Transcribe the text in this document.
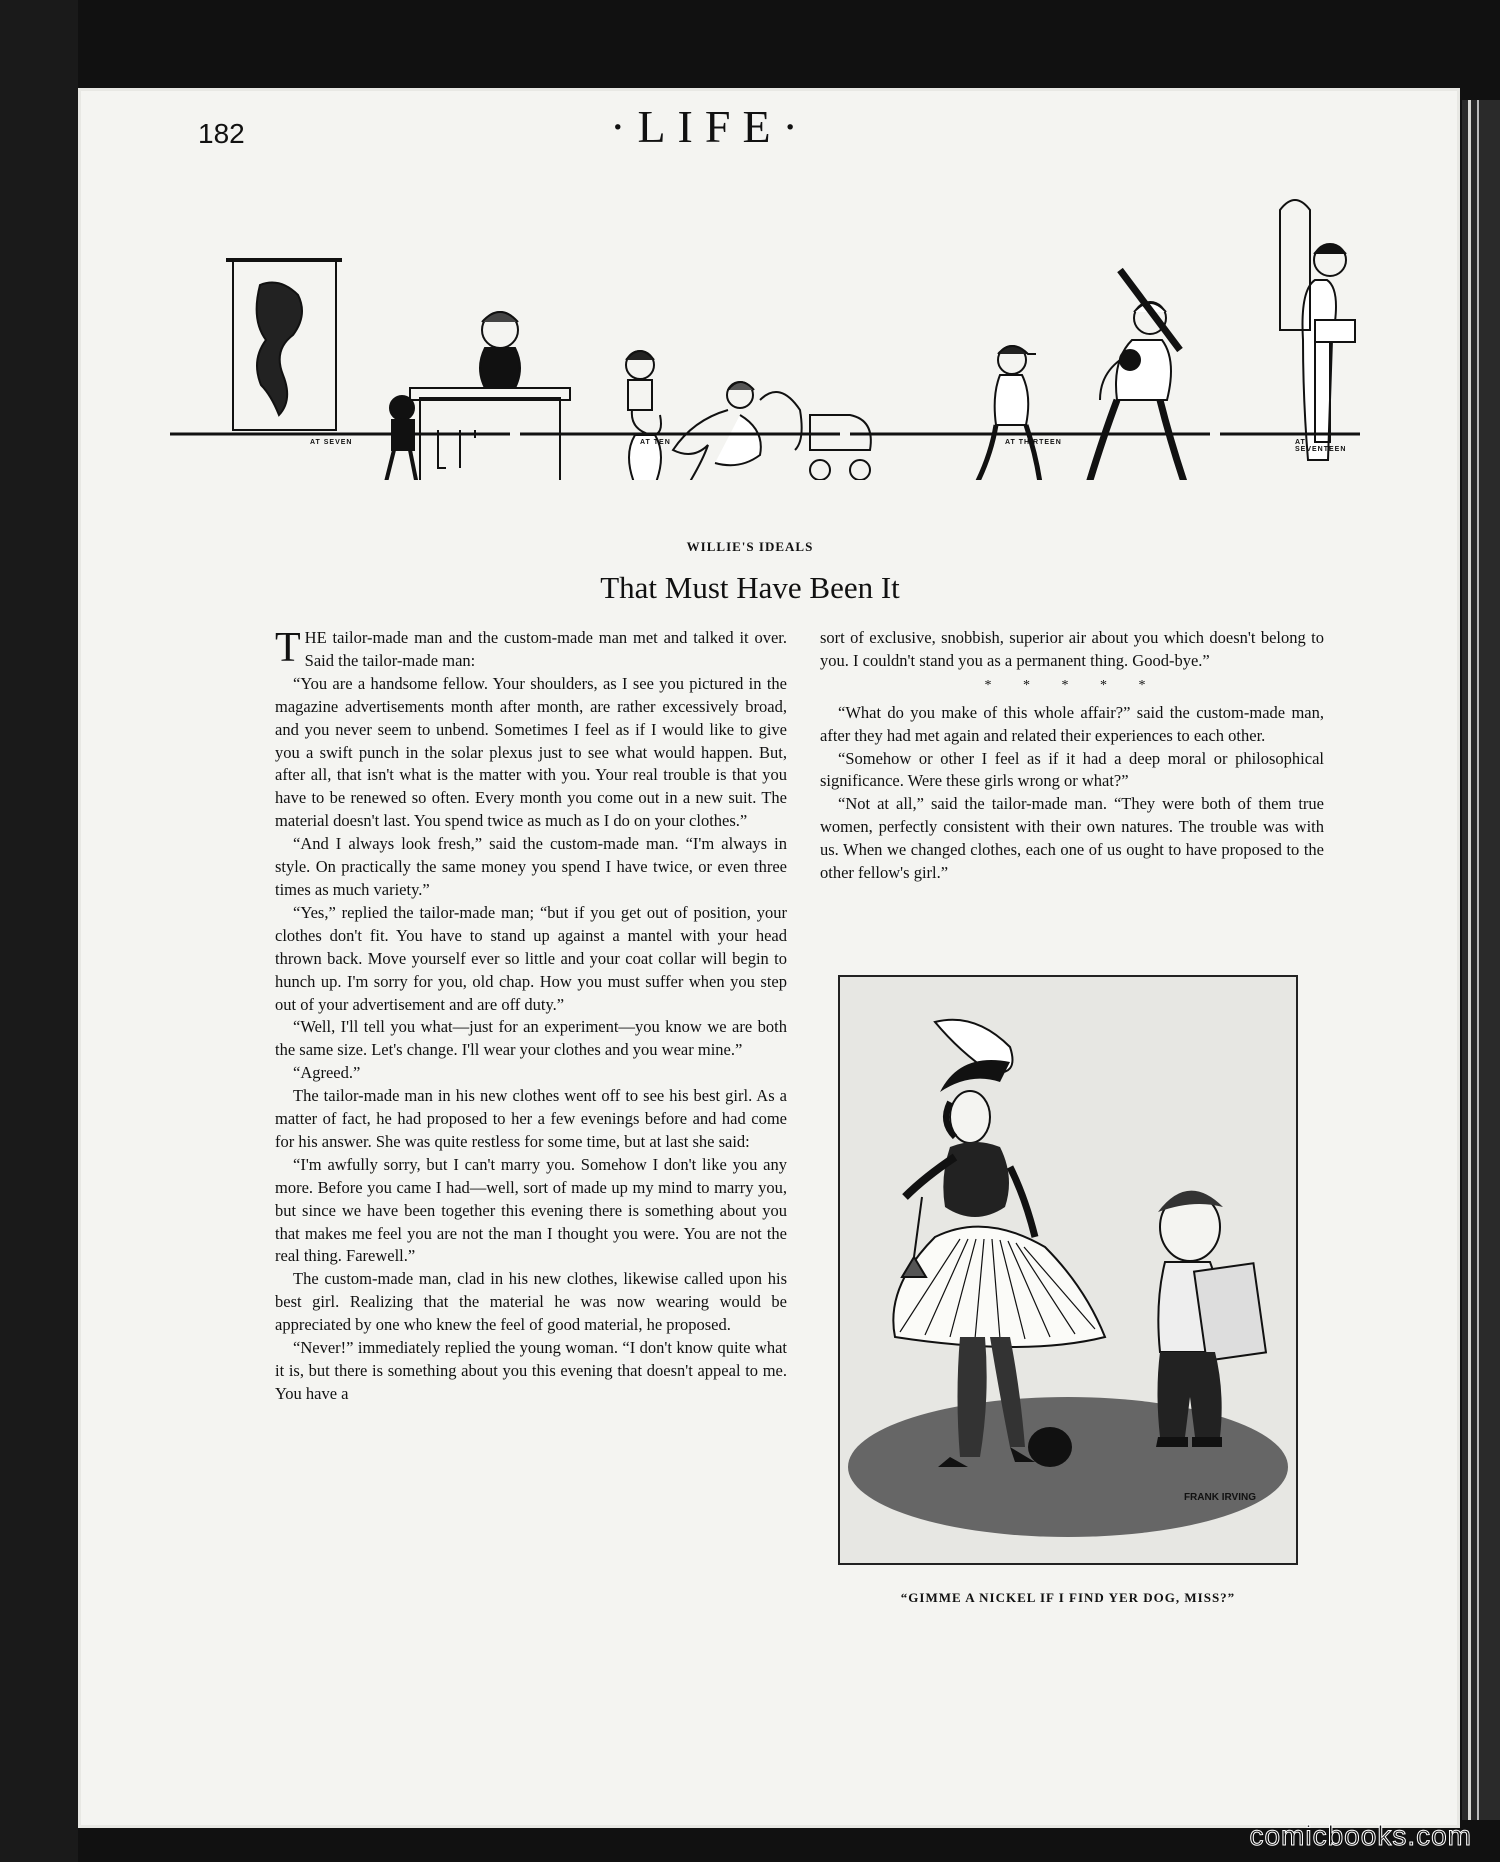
182	·LIFE·
AT SEVEN	AT TEN	AT THIRTEEN	AT SEVENTEEN
WILLIE'S IDEALS
That Must Have Been It

THE tailor-made man and the custom-made man met and talked it over. Said the tailor-made man:

“You are a handsome fellow. Your shoulders, as I see you pictured in the magazine advertisements month after month, are rather excessively broad, and you never seem to unbend. Sometimes I feel as if I would like to give you a swift punch in the solar plexus just to see what would happen. But, after all, that isn't what is the matter with you. Your real trouble is that you have to be renewed so often. Every month you come out in a new suit. The material doesn't last. You spend twice as much as I do on your clothes.”

“And I always look fresh,” said the custom-made man. “I'm always in style. On practically the same money you spend I have twice, or even three times as much variety.”

“Yes,” replied the tailor-made man; “but if you get out of position, your clothes don't fit. You have to stand up against a mantel with your head thrown back. Move yourself ever so little and your coat collar will begin to hunch up. I'm sorry for you, old chap. How you must suffer when you step out of your advertisement and are off duty.”

“Well, I'll tell you what—just for an experiment—you know we are both the same size. Let's change. I'll wear your clothes and you wear mine.”

“Agreed.”

The tailor-made man in his new clothes went off to see his best girl. As a matter of fact, he had proposed to her a few evenings before and had come for his answer. She was quite restless for some time, but at last she said:

“I'm awfully sorry, but I can't marry you. Somehow I don't like you any more. Before you came I had—well, sort of made up my mind to marry you, but since we have been together this evening there is something about you that makes me feel you are not the man I thought you were. You are not the real thing. Farewell.”

The custom-made man, clad in his new clothes, likewise called upon his best girl. Realizing that the material he was now wearing would be appreciated by one who knew the feel of good material, he proposed.

“Never!” immediately replied the young woman. “I don't know quite what it is, but there is something about you this evening that doesn't appeal to me. You have a

sort of exclusive, snobbish, superior air about you which doesn't belong to you. I couldn't stand you as a permanent thing. Good-bye.”

* * * * *

“What do you make of this whole affair?” said the custom-made man, after they had met again and related their experiences to each other.

“Somehow or other I feel as if it had a deep moral or philosophical significance. Were these girls wrong or what?”

“Not at all,” said the tailor-made man. “They were both of them true women, perfectly consistent with their own natures. The trouble was with us. When we changed clothes, each one of us ought to have proposed to the other fellow's girl.”

FRANK IRVING
“GIMME A NICKEL IF I FIND YER DOG, MISS?”
comicbooks.com
